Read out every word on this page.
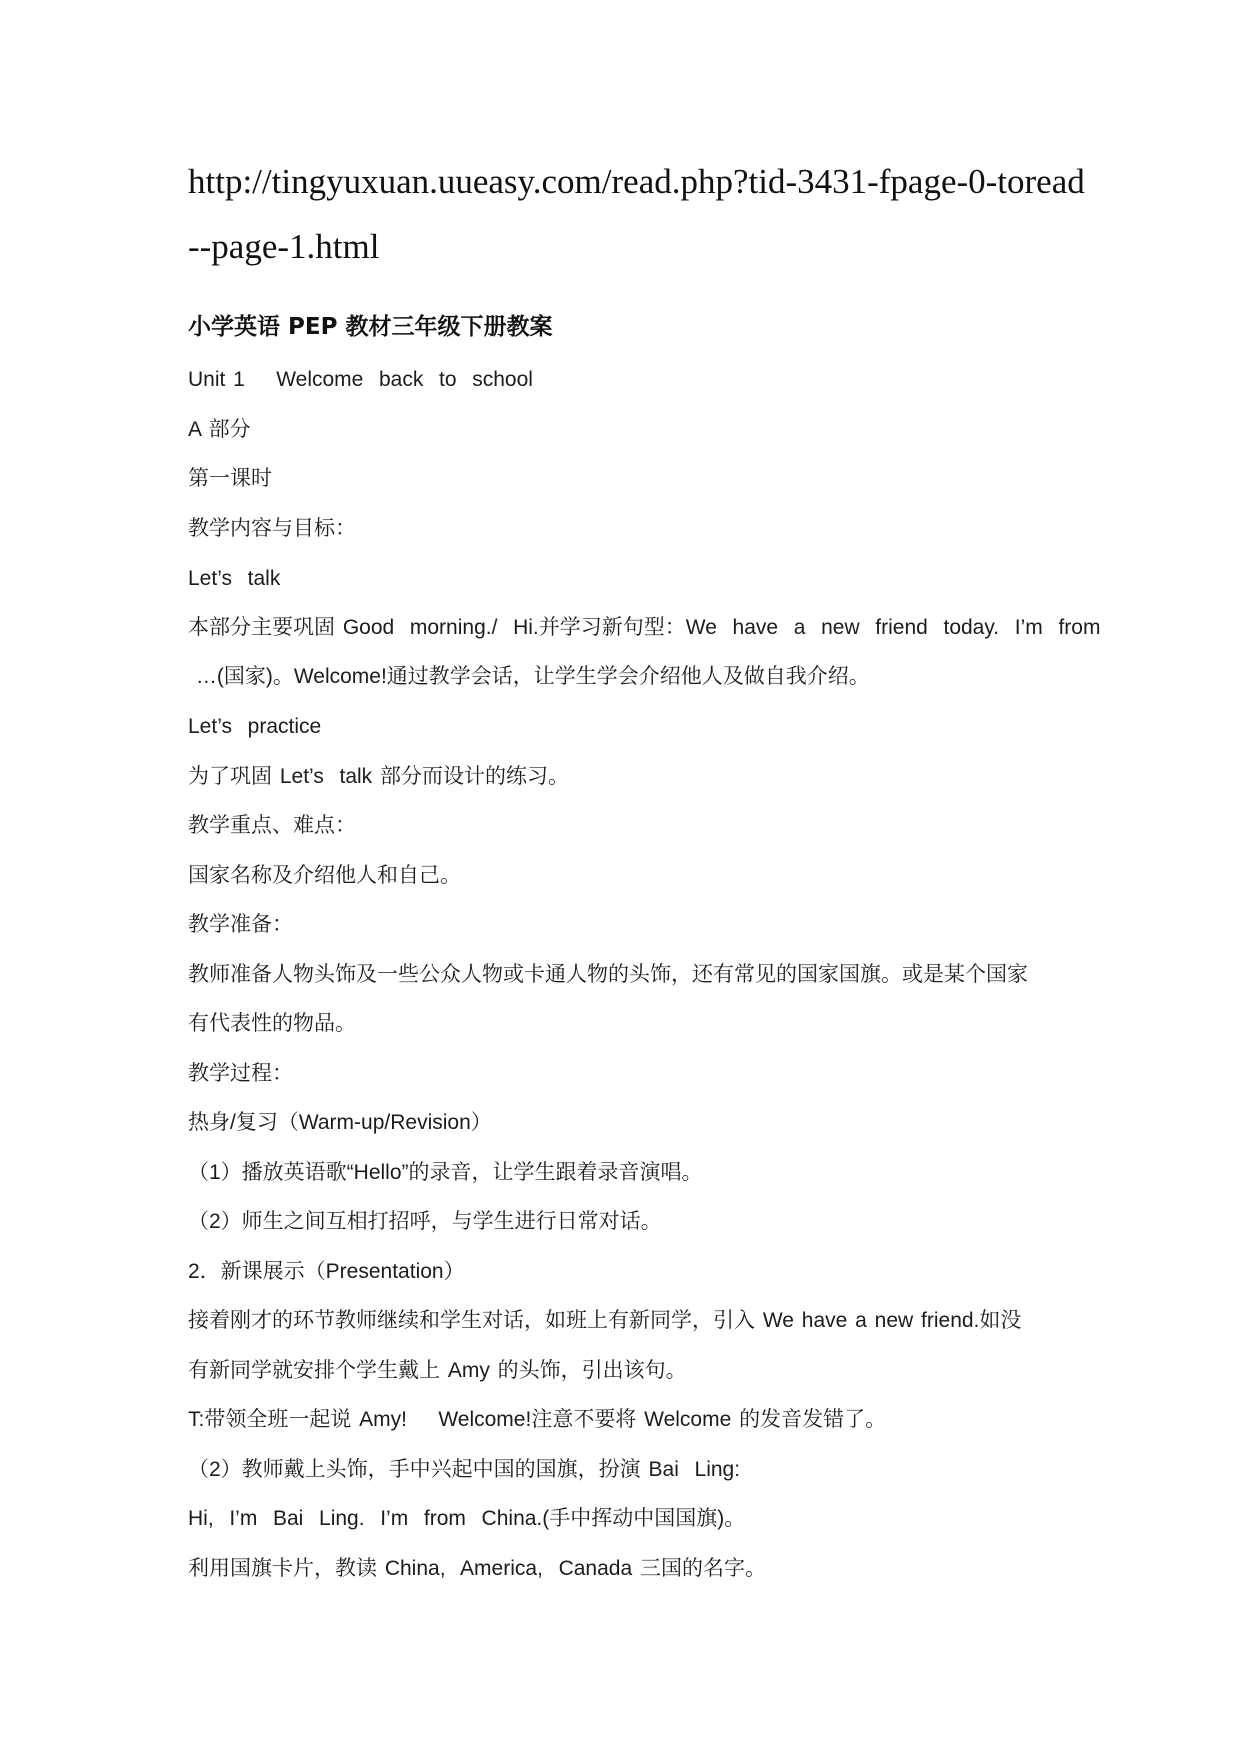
http://tingyuxuan.uueasy.com/read.php?tid-3431-fpage-0-toread
--page-1.html
小学英语 PEP 教材三年级下册教案
Unit 1    Welcome  back  to  school
A 部分
第一课时
教学内容与目标：
Let’s  talk
本部分主要巩固 Good  morning./  Hi.并学习新句型：We  have  a  new  friend  today.  I’m  from
…(国家)。Welcome!通过教学会话，让学生学会介绍他人及做自我介绍。
Let’s  practice
为了巩固 Let’s  talk 部分而设计的练习。
教学重点、难点：
国家名称及介绍他人和自己。
教学准备：
教师准备人物头饰及一些公众人物或卡通人物的头饰，还有常见的国家国旗。或是某个国家
有代表性的物品。
教学过程：
热身/复习（Warm-up/Revision）
（1）播放英语歌“Hello”的录音，让学生跟着录音演唱。
（2）师生之间互相打招呼，与学生进行日常对话。
2．新课展示（Presentation）
接着刚才的环节教师继续和学生对话，如班上有新同学，引入 We have a new friend.如没
有新同学就安排个学生戴上 Amy 的头饰，引出该句。
T:带领全班一起说 Amy!    Welcome!注意不要将 Welcome 的发音发错了。
（2）教师戴上头饰，手中兴起中国的国旗，扮演 Bai  Ling:
Hi,  I’m  Bai  Ling.  I’m  from  China.(手中挥动中国国旗)。
利用国旗卡片，教读 China,  America,  Canada 三国的名字。
